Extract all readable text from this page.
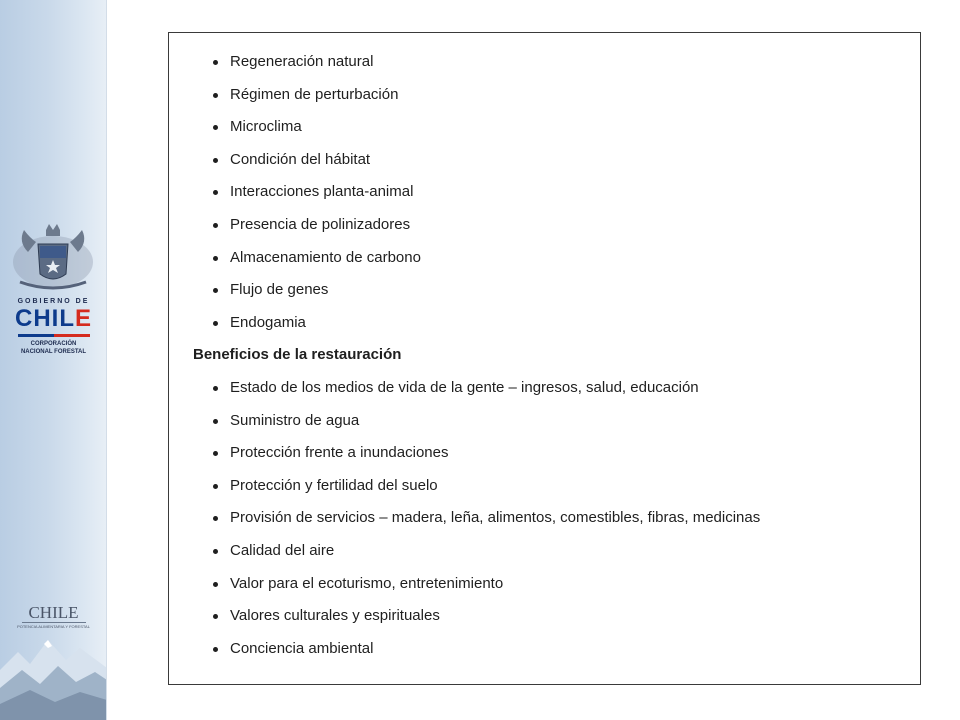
GOBIERNO DE
CHILE
CORPORACIÓN
NACIONAL FORESTAL
CHILE
POTENCIA ALIMENTARIA Y FORESTAL
Regeneración natural
Régimen de perturbación
Microclima
Condición del hábitat
Interacciones planta-animal
Presencia de polinizadores
Almacenamiento de carbono
Flujo de genes
Endogamia
Beneficios de la restauración
Estado de los medios de vida de la gente – ingresos, salud, educación
Suministro de agua
Protección frente a inundaciones
Protección y fertilidad del suelo
Provisión de servicios – madera, leña, alimentos, comestibles, fibras, medicinas
Calidad del aire
Valor para el ecoturismo, entretenimiento
Valores culturales y espirituales
Conciencia ambiental
